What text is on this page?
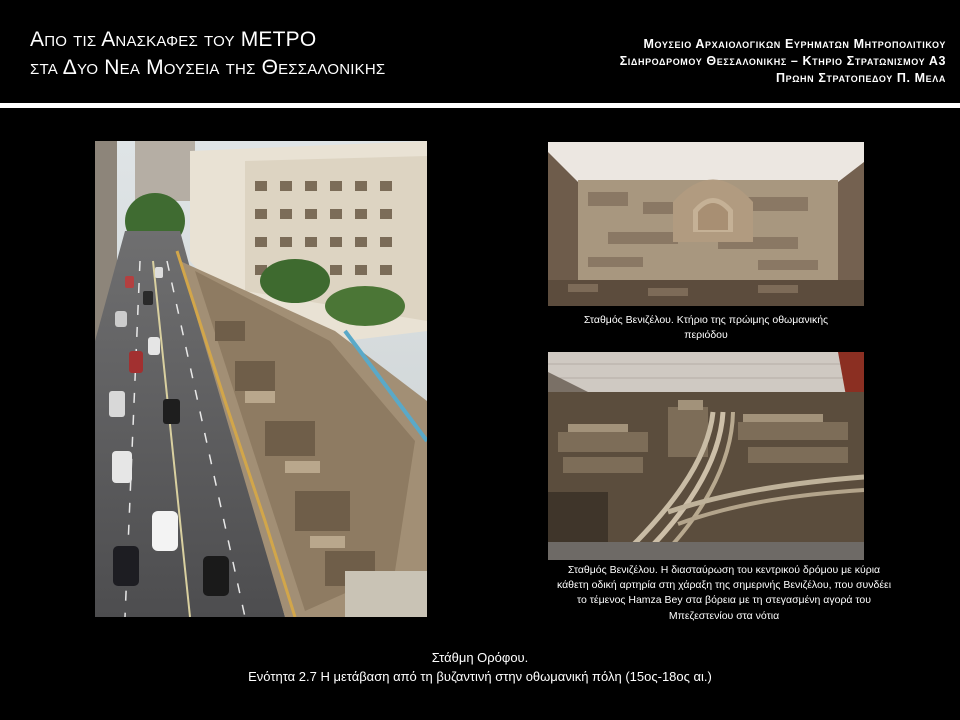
Απο τις Ανασκαφες του ΜΕΤΡΟ
στα Δυο Νεα Μουσεια της Θεσσαλονικης
Μουσειο Αρχαιολογικων Ευρηματων Μητροπολιτικου
Σιδηροδρομου Θεσσαλονικης – Κτηριο Στρατωνισμου Α3
Πρωην Στρατοπεδου Π. Μελα
Σταθμός Βενιζέλου. Κτήριο της πρώιμης οθωμανικής
περιόδου
Σταθμός Βενιζέλου. Η διασταύρωση του κεντρικού δρόμου με κύρια
κάθετη οδική αρτηρία στη χάραξη της σημερινής Βενιζέλου, που συνδέει
το τέμενος Hamza Bey στα βόρεια με τη στεγασμένη αγορά του
Μπεζεστενίου στα νότια
Στάθμη Ορόφου.
Ενότητα 2.7 Η μετάβαση από τη βυζαντινή στην οθωμανική πόλη (15ος-18ος αι.)
